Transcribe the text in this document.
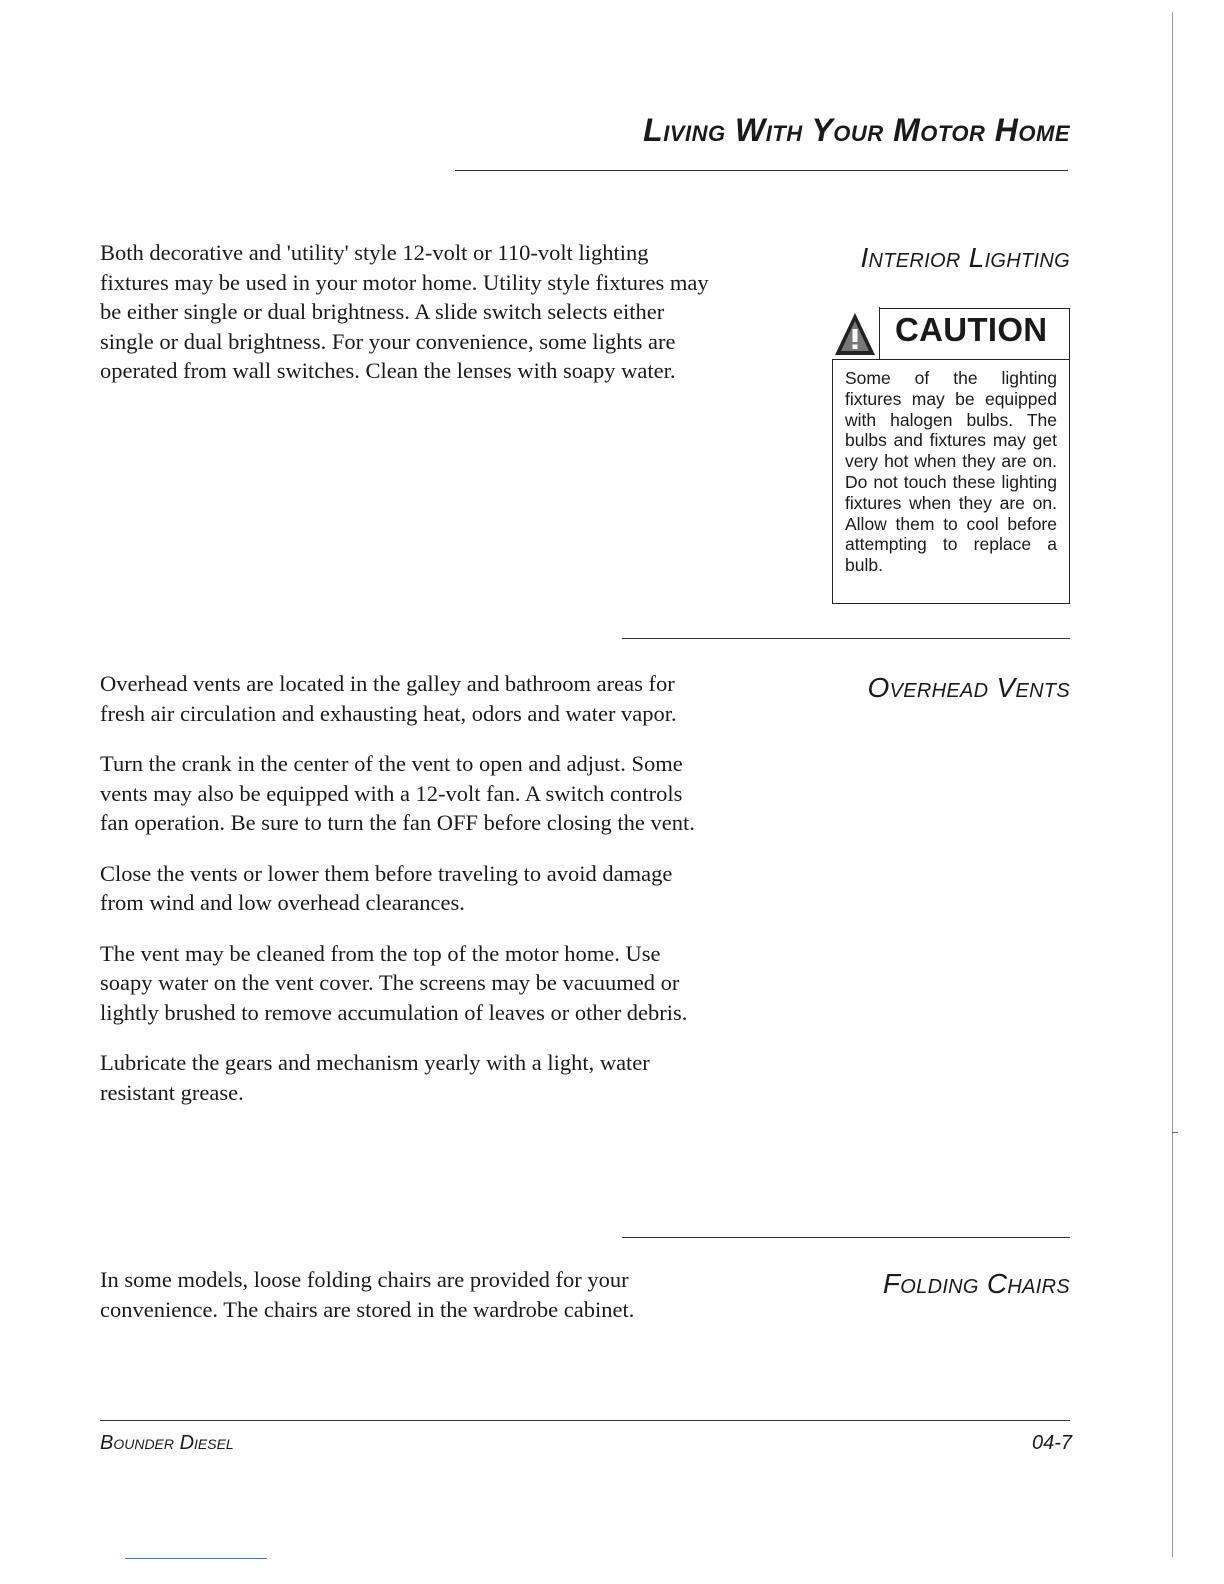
Living With Your Motor Home

Both decorative and 'utility' style 12-volt or 110-volt lighting fixtures may be used in your motor home. Utility style fixtures may be either single or dual brightness. A slide switch selects either single or dual brightness. For your convenience, some lights are operated from wall switches. Clean the lenses with soapy water.

Interior Lighting
CAUTION
Some of the lighting fixtures may be equipped with halogen bulbs. The bulbs and fixtures may get very hot when they are on. Do not touch these lighting fixtures when they are on. Allow them to cool before attempting to replace a bulb.

Overhead vents are located in the galley and bathroom areas for fresh air circulation and exhausting heat, odors and water vapor.

Turn the crank in the center of the vent to open and adjust. Some vents may also be equipped with a 12-volt fan. A switch controls fan operation. Be sure to turn the fan OFF before closing the vent.

Close the vents or lower them before traveling to avoid damage from wind and low overhead clearances.

The vent may be cleaned from the top of the motor home. Use soapy water on the vent cover. The screens may be vacuumed or lightly brushed to remove accumulation of leaves or other debris.

Lubricate the gears and mechanism yearly with a light, water resistant grease.

Overhead Vents

In some models, loose folding chairs are provided for your convenience. The chairs are stored in the wardrobe cabinet.

Folding Chairs
Bounder Diesel	04-7
